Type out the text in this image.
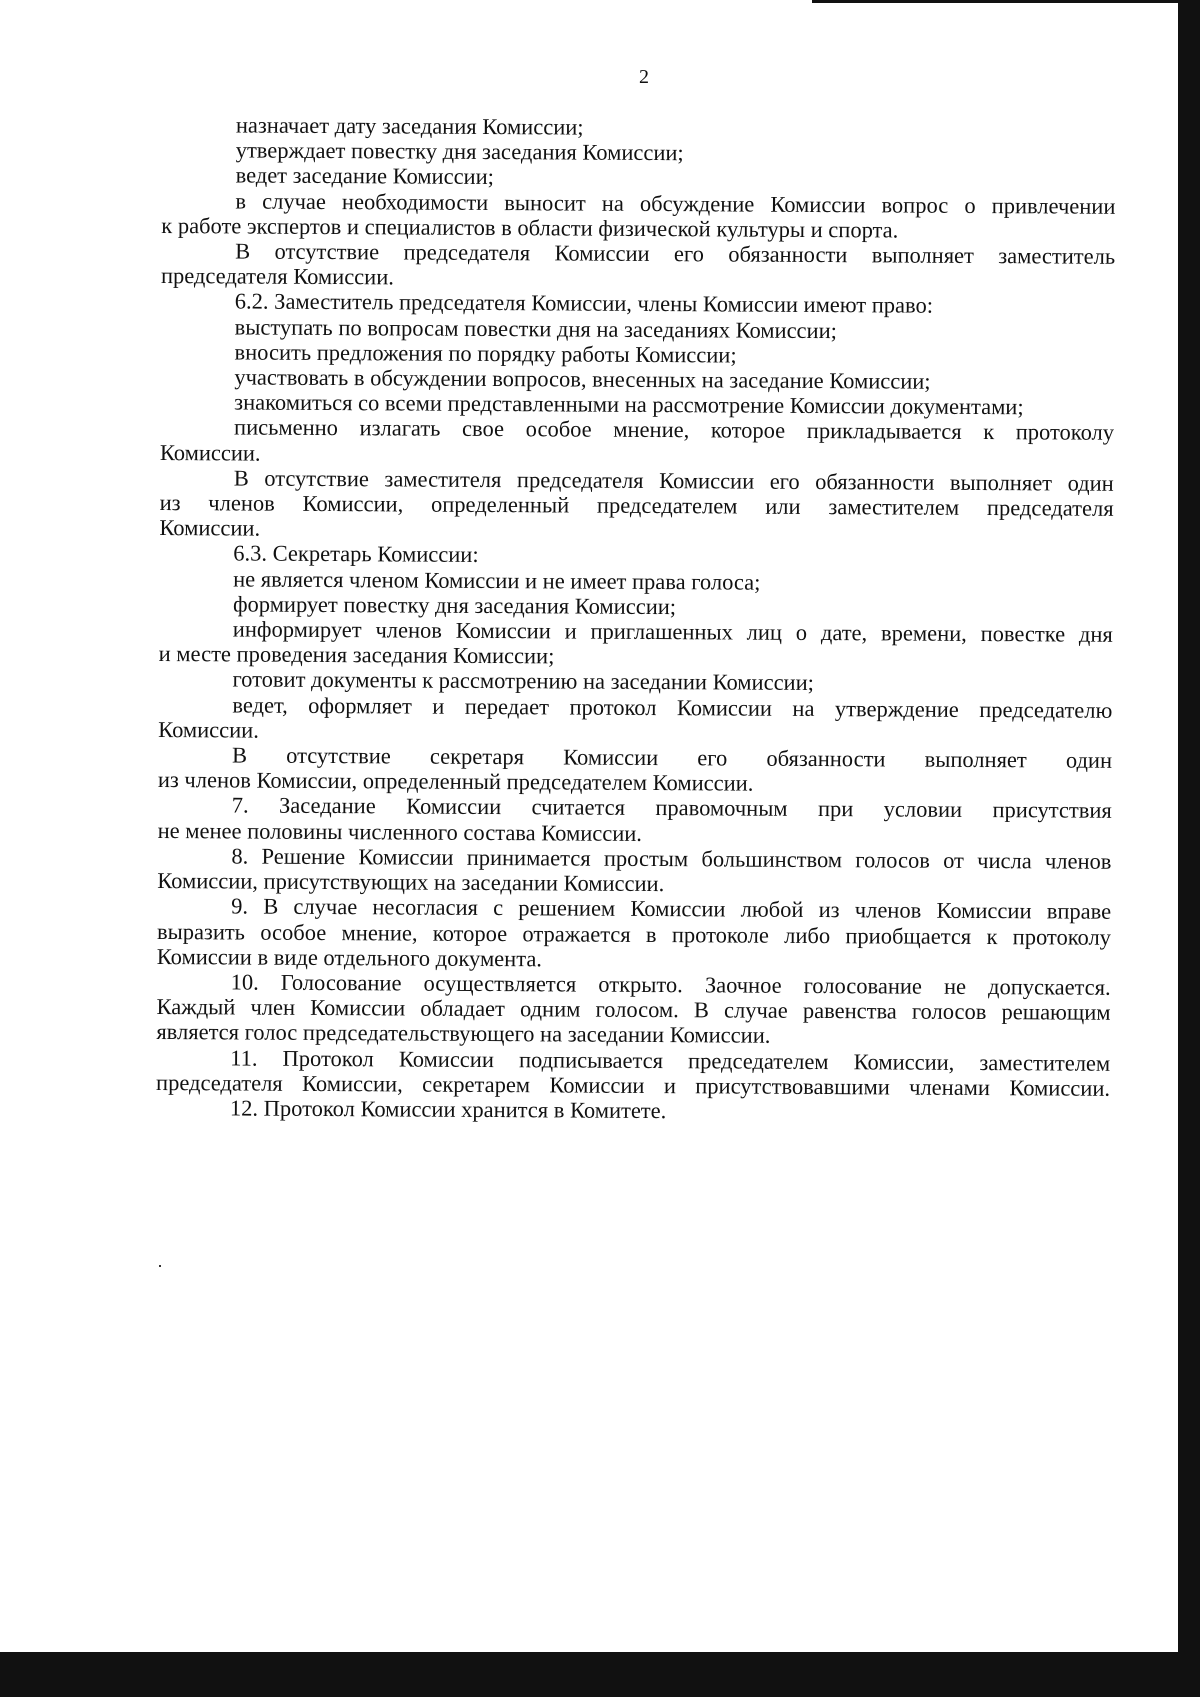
2
назначает дату заседания Комиссии;
утверждает повестку дня заседания Комиссии;
ведет заседание Комиссии;
в случае необходимости выносит на обсуждение Комиссии вопрос о привлечении
к работе экспертов и специалистов в области физической культуры и спорта.
В отсутствие председателя Комиссии его обязанности выполняет заместитель
председателя Комиссии.
6.2. Заместитель председателя Комиссии, члены Комиссии имеют право:
выступать по вопросам повестки дня на заседаниях Комиссии;
вносить предложения по порядку работы Комиссии;
участвовать в обсуждении вопросов, внесенных на заседание Комиссии;
знакомиться со всеми представленными на рассмотрение Комиссии документами;
письменно излагать свое особое мнение, которое прикладывается к протоколу
Комиссии.
В отсутствие заместителя председателя Комиссии его обязанности выполняет один
из членов Комиссии, определенный председателем или заместителем председателя
Комиссии.
6.3. Секретарь Комиссии:
не является членом Комиссии и не имеет права голоса;
формирует повестку дня заседания Комиссии;
информирует членов Комиссии и приглашенных лиц о дате, времени, повестке дня
и месте проведения заседания Комиссии;
готовит документы к рассмотрению на заседании Комиссии;
ведет, оформляет и передает протокол Комиссии на утверждение председателю
Комиссии.
В отсутствие секретаря Комиссии его обязанности выполняет один
из членов Комиссии, определенный председателем Комиссии.
7. Заседание Комиссии считается правомочным при условии присутствия
не менее половины численного состава Комиссии.
8. Решение Комиссии принимается простым большинством голосов от числа членов
Комиссии, присутствующих на заседании Комиссии.
9. В случае несогласия с решением Комиссии любой из членов Комиссии вправе
выразить особое мнение, которое отражается в протоколе либо приобщается к протоколу
Комиссии в виде отдельного документа.
10. Голосование осуществляется открыто. Заочное голосование не допускается.
Каждый член Комиссии обладает одним голосом. В случае равенства голосов решающим
является голос председательствующего на заседании Комиссии.
11. Протокол Комиссии подписывается председателем Комиссии, заместителем
председателя Комиссии, секретарем Комиссии и присутствовавшими членами Комиссии.
12. Протокол Комиссии хранится в Комитете.
